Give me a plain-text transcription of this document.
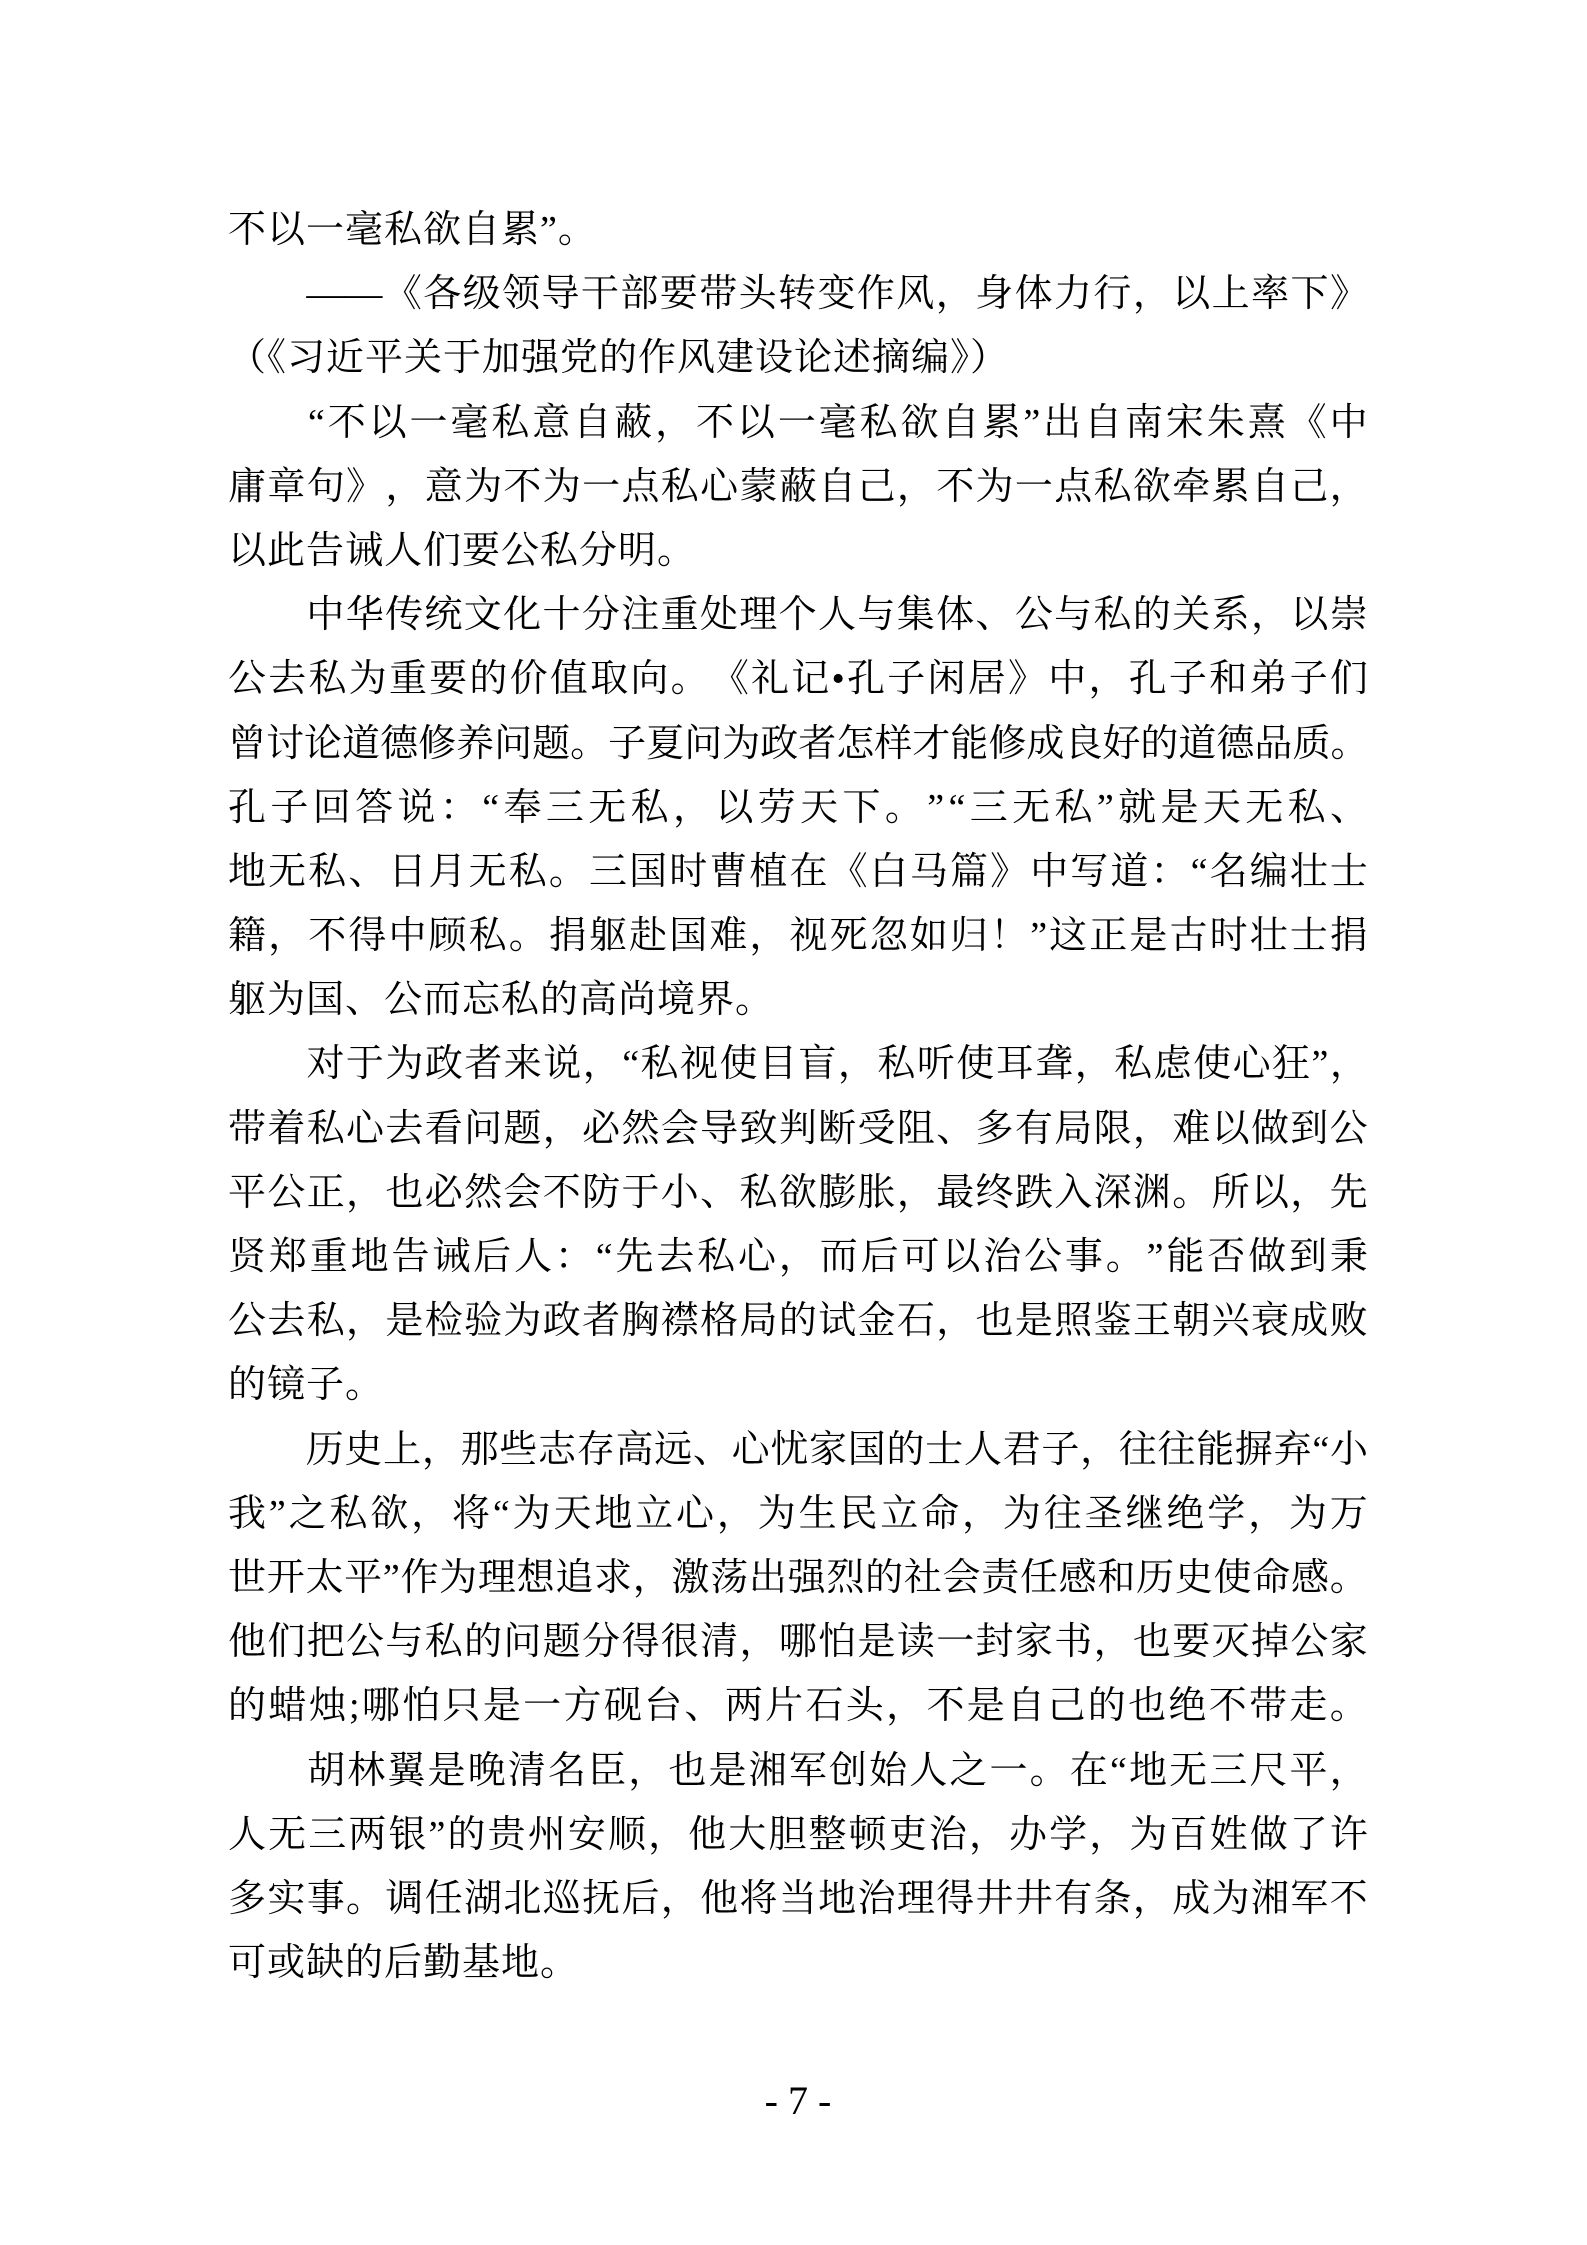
不以一毫私欲自累”。
—— 《 各 级 领 导 干 部 要 带 头 转 变 作 风 ， 身 体 力 行 ， 以 上 率 下 》
（《习近平关于加强党的作风建设论述摘编》）
“ 不 以 一 毫 私 意 自 蔽 ， 不 以 一 毫 私 欲 自 累 ” 出 自 南 宋 朱 熹 《 中
庸 章 句 》 ， 意 为 不 为 一 点 私 心 蒙 蔽 自 己 ， 不 为 一 点 私 欲 牵 累 自 己 ，
以此告诫人们要公私分明。
中 华 传 统 文 化 十 分 注 重 处 理 个 人 与 集 体 、 公 与 私 的 关 系 ， 以 崇
公 去 私 为 重 要 的 价 值 取 向 。 《 礼 记 • 孔 子 闲 居 》 中 ， 孔 子 和 弟 子 们
曾 讨 论 道 德 修 养 问 题 。 子 夏 问 为 政 者 怎 样 才 能 修 成 良 好 的 道 德 品 质 。
孔 子 回 答 说 ： “ 奉 三 无 私 ， 以 劳 天 下 。 ” “ 三 无 私 ” 就 是 天 无 私 、
地 无 私 、 日 月 无 私 。 三 国 时 曹 植 在 《 白 马 篇 》 中 写 道 ： “ 名 编 壮 士
籍 ， 不 得 中 顾 私 。 捐 躯 赴 国 难 ， 视 死 忽 如 归 ！ ” 这 正 是 古 时 壮 士 捐
躯为国、公而忘私的高尚境界。
对 于 为 政 者 来 说 ， “ 私 视 使 目 盲 ， 私 听 使 耳 聋 ， 私 虑 使 心 狂 ” ，
带 着 私 心 去 看 问 题 ， 必 然 会 导 致 判 断 受 阻 、 多 有 局 限 ， 难 以 做 到 公
平 公 正 ， 也 必 然 会 不 防 于 小 、 私 欲 膨 胀 ， 最 终 跌 入 深 渊 。 所 以 ， 先
贤 郑 重 地 告 诫 后 人 ： “ 先 去 私 心 ， 而 后 可 以 治 公 事 。 ” 能 否 做 到 秉
公 去 私 ， 是 检 验 为 政 者 胸 襟 格 局 的 试 金 石 ， 也 是 照 鉴 王 朝 兴 衰 成 败
的镜子。
历 史 上 ， 那 些 志 存 高 远 、 心 忧 家 国 的 士 人 君 子 ， 往 往 能 摒 弃 “ 小
我 ” 之 私 欲 ， 将 “ 为 天 地 立 心 ， 为 生 民 立 命 ， 为 往 圣 继 绝 学 ， 为 万
世 开 太 平 ” 作 为 理 想 追 求 ， 激 荡 出 强 烈 的 社 会 责 任 感 和 历 史 使 命 感 。
他 们 把 公 与 私 的 问 题 分 得 很 清 ， 哪 怕 是 读 一 封 家 书 ， 也 要 灭 掉 公 家
的 蜡 烛 ; 哪 怕 只 是 一 方 砚 台 、 两 片 石 头 ， 不 是 自 己 的 也 绝 不 带 走 。
胡 林 翼 是 晚 清 名 臣 ， 也 是 湘 军 创 始 人 之 一 。 在 “ 地 无 三 尺 平 ，
人 无 三 两 银 ” 的 贵 州 安 顺 ， 他 大 胆 整 顿 吏 治 ， 办 学 ， 为 百 姓 做 了 许
多 实 事 。 调 任 湖 北 巡 抚 后 ， 他 将 当 地 治 理 得 井 井 有 条 ， 成 为 湘 军 不
可或缺的后勤基地。
- 7 -
